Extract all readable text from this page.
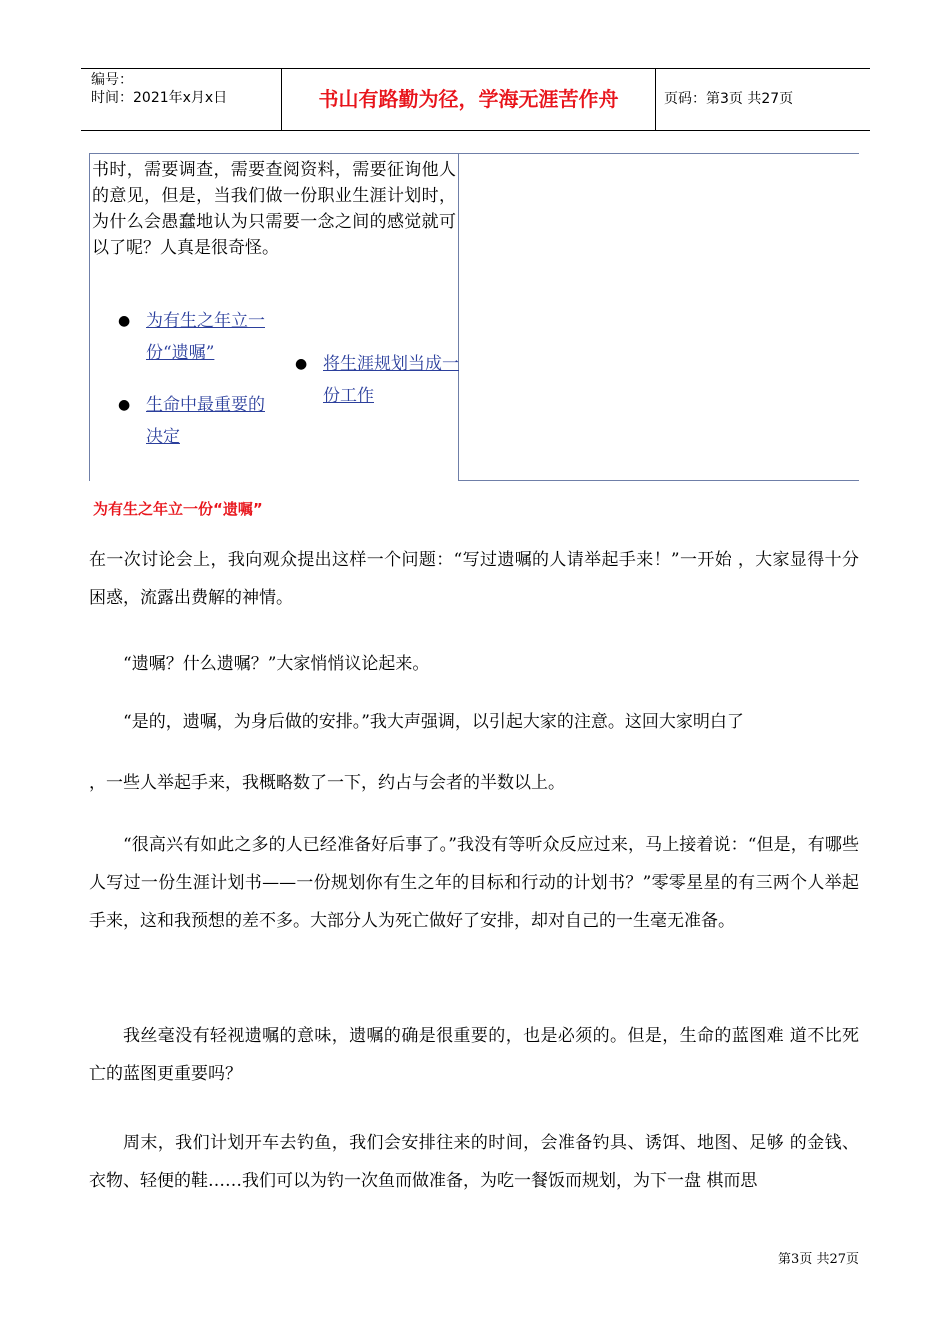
编号：
时间：2021年x月x日	书山有路勤为径，学海无涯苦作舟	页码：第3页 共27页
书时，需要调查，需要查阅资料，需要征询他人的意见，但是，当我们做一份职业生涯计划时，为什么会愚蠢地认为只需要一念之间的感觉就可以了呢？人真是很奇怪。
● 为有生之年立一份“遗嘱”
● 生命中最重要的决定
● 将生涯规划当成一份工作
为有生之年立一份“遗嘱”
在一次讨论会上，我向观众提出这样一个问题：“写过遗嘱的人请举起手来！”一开始 ，大家显得十分困惑，流露出费解的神情。
“遗嘱？什么遗嘱？”大家悄悄议论起来。
“是的，遗嘱，为身后做的安排。”我大声强调，以引起大家的注意。这回大家明白了
，一些人举起手来，我概略数了一下，约占与会者的半数以上。
“很高兴有如此之多的人已经准备好后事了。”我没有等听众反应过来，马上接着说：“但是，有哪些人写过一份生涯计划书——一份规划你有生之年的目标和行动的计划书？”零零星星的有三两个人举起手来，这和我预想的差不多。大部分人为死亡做好了安排，却对自己的一生毫无准备。
我丝毫没有轻视遗嘱的意味，遗嘱的确是很重要的，也是必须的。但是，生命的蓝图难 道不比死亡的蓝图更重要吗？
周末，我们计划开车去钓鱼，我们会安排往来的时间，会准备钓具、诱饵、地图、足够 的金钱、衣物、轻便的鞋……我们可以为钓一次鱼而做准备，为吃一餐饭而规划，为下一盘 棋而思
第3页 共27页
